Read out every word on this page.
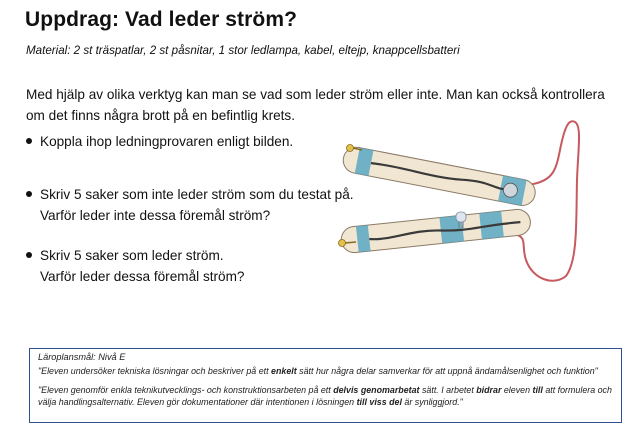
Uppdrag: Vad leder ström?
Material: 2 st träspatlar, 2 st påsnitar, 1 stor ledlampa, kabel, eltejp, knappcellsbatteri
Med hjälp av olika verktyg kan man se vad som leder ström eller inte. Man kan också kontrollera om det finns några brott på en befintlig krets.
Koppla ihop ledningprovaren enligt bilden.
Skriv 5 saker som inte leder ström som du testat på.
Varför leder inte dessa föremål ström?
Skriv 5 saker som leder ström.
Varför leder dessa föremål ström?
Läroplansmål: Nivå E

"Eleven undersöker tekniska lösningar och beskriver på ett enkelt sätt hur några delar samverkar för att uppnå ändamålsenlighet och funktion"

"Eleven genomför enkla teknikutvecklings- och konstruktionsarbeten på ett delvis genomarbetat sätt. I arbetet bidrar eleven till att formulera och välja handlingsalternativ. Eleven gör dokumentationer där intentionen i lösningen till viss del är synliggjord."
